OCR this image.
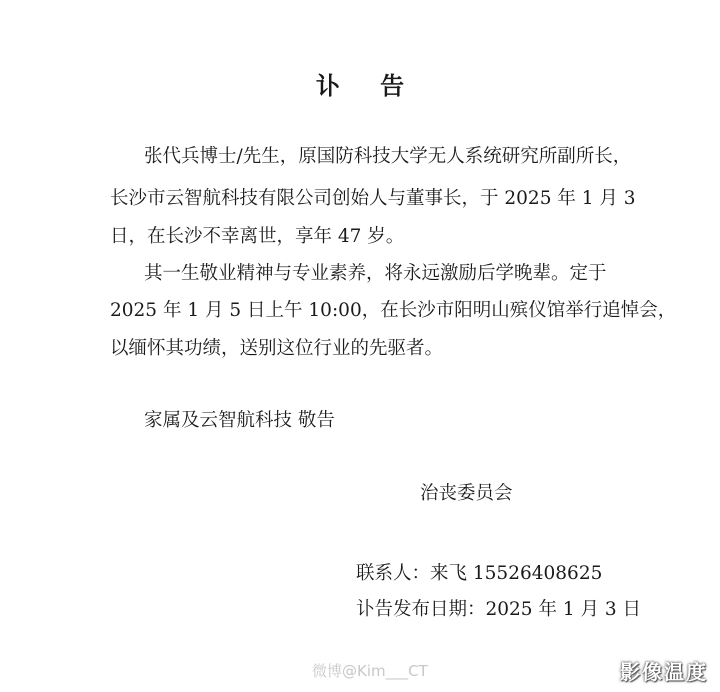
讣 告
张代兵博士/先生，原国防科技大学无人系统研究所副所长，
长沙市云智航科技有限公司创始人与董事长，于 2025 年 1 月 3
日，在长沙不幸离世，享年 47 岁。
其一生敬业精神与专业素养，将永远激励后学晚辈。定于
2025 年 1 月 5 日上午 10:00，在长沙市阳明山殡仪馆举行追悼会，
以缅怀其功绩，送别这位行业的先驱者。
家属及云智航科技 敬告
治丧委员会
联系人：来飞 15526408625
讣告发布日期：2025 年 1 月 3 日
微博@Kim___CT	影像温度
